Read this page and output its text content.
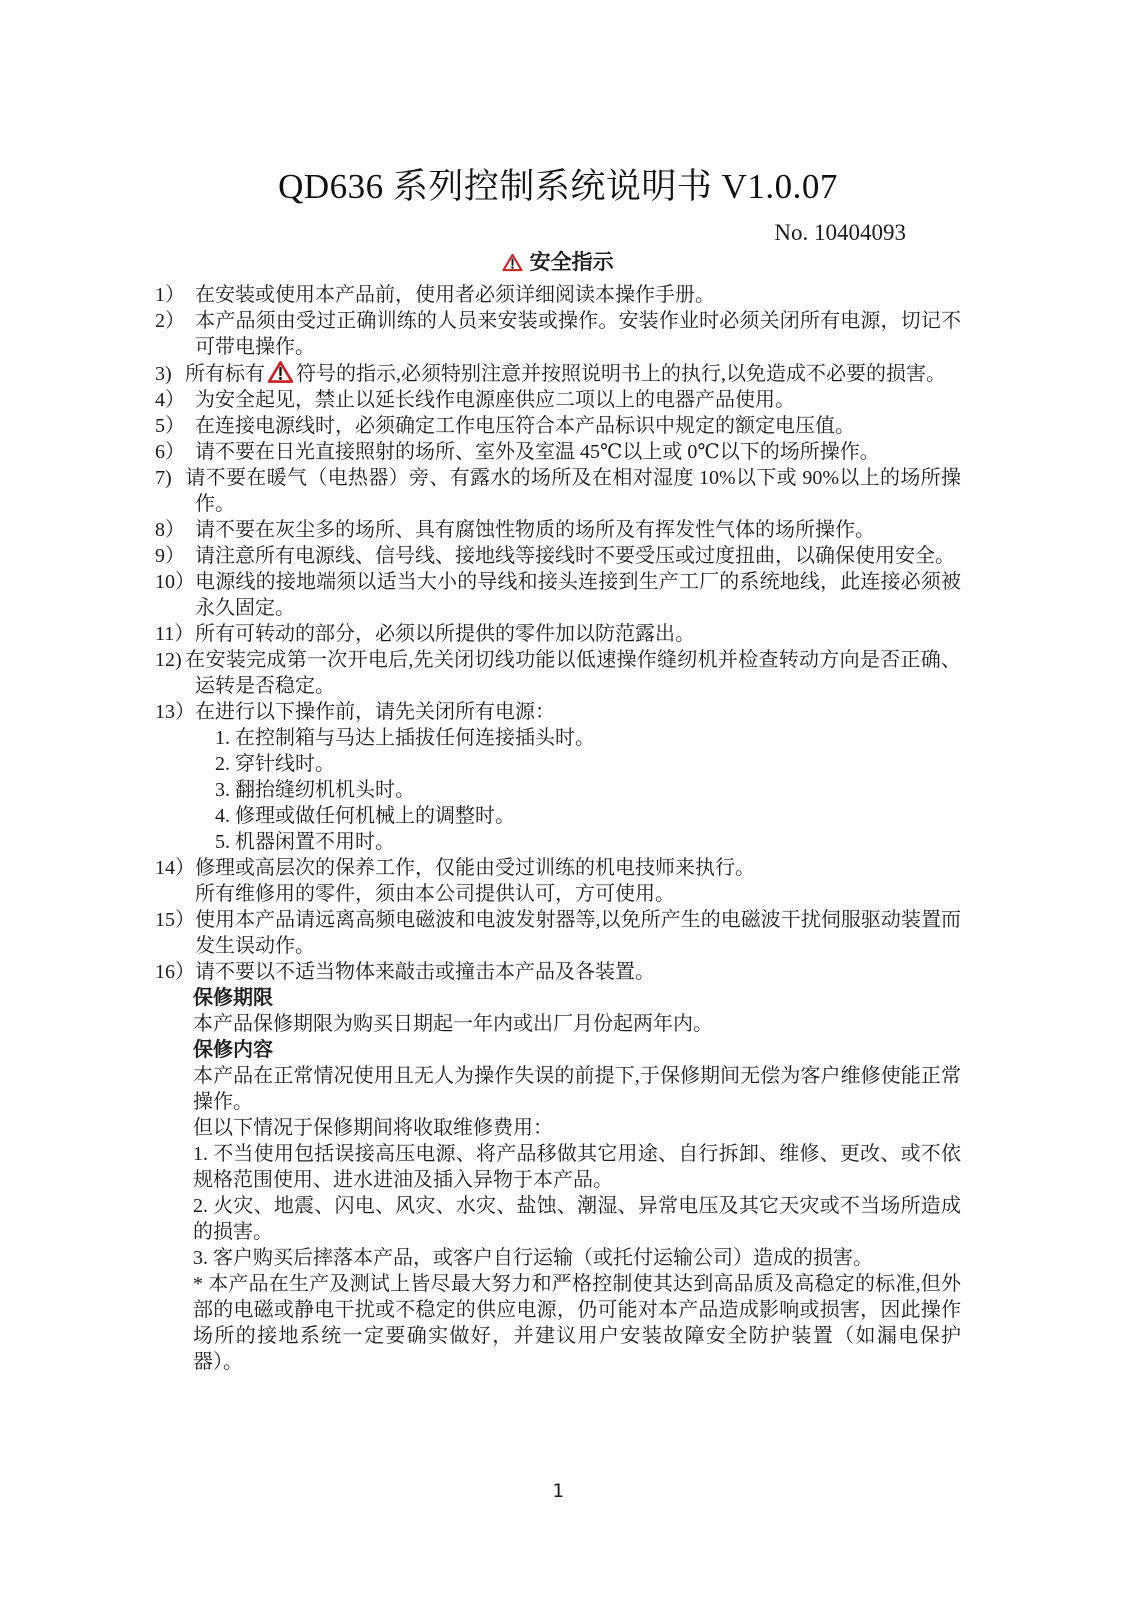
QD636 系列控制系统说明书 V1.0.07
No. 10404093
安全指示
1） 在安装或使用本产品前，使用者必须详细阅读本操作手册。
2） 本产品须由受过正确训练的人员来安装或操作。安装作业时必须关闭所有电源，切记不可带电操作。
3) 所有标有 符号的指示,必须特别注意并按照说明书上的执行,以免造成不必要的损害。
4） 为安全起见，禁止以延长线作电源座供应二项以上的电器产品使用。
5） 在连接电源线时，必须确定工作电压符合本产品标识中规定的额定电压值。
6） 请不要在日光直接照射的场所、室外及室温 45℃以上或 0℃以下的场所操作。
7) 请不要在暖气（电热器）旁、有露水的场所及在相对湿度 10%以下或 90%以上的场所操作。
8） 请不要在灰尘多的场所、具有腐蚀性物质的场所及有挥发性气体的场所操作。
9） 请注意所有电源线、信号线、接地线等接线时不要受压或过度扭曲，以确保使用安全。
10）电源线的接地端须以适当大小的导线和接头连接到生产工厂的系统地线，此连接必须被永久固定。
11）所有可转动的部分，必须以所提供的零件加以防范露出。
12) 在安装完成第一次开电后,先关闭切线功能以低速操作缝纫机并检查转动方向是否正确、运转是否稳定。
13）在进行以下操作前，请先关闭所有电源：
1. 在控制箱与马达上插拔任何连接插头时。
2. 穿针线时。
3. 翻抬缝纫机机头时。
4. 修理或做任何机械上的调整时。
5. 机器闲置不用时。
14）修理或高层次的保养工作，仅能由受过训练的机电技师来执行。
所有维修用的零件，须由本公司提供认可，方可使用。
15）使用本产品请远离高频电磁波和电波发射器等,以免所产生的电磁波干扰伺服驱动装置而发生误动作。
16）请不要以不适当物体来敲击或撞击本产品及各装置。
保修期限
本产品保修期限为购买日期起一年内或出厂月份起两年内。
保修内容
本产品在正常情况使用且无人为操作失误的前提下,于保修期间无偿为客户维修使能正常操作。
但以下情况于保修期间将收取维修费用：
1. 不当使用包括误接高压电源、将产品移做其它用途、自行拆卸、维修、更改、或不依规格范围使用、进水进油及插入异物于本产品。
2. 火灾、地震、闪电、风灾、水灾、盐蚀、潮湿、异常电压及其它天灾或不当场所造成的损害。
3. 客户购买后摔落本产品，或客户自行运输（或托付运输公司）造成的损害。
* 本产品在生产及测试上皆尽最大努力和严格控制使其达到高品质及高稳定的标准,但外部的电磁或静电干扰或不稳定的供应电源，仍可能对本产品造成影响或损害，因此操作场所的接地系统一定要确实做好，并建议用户安装故障安全防护装置（如漏电保护器）。
1
